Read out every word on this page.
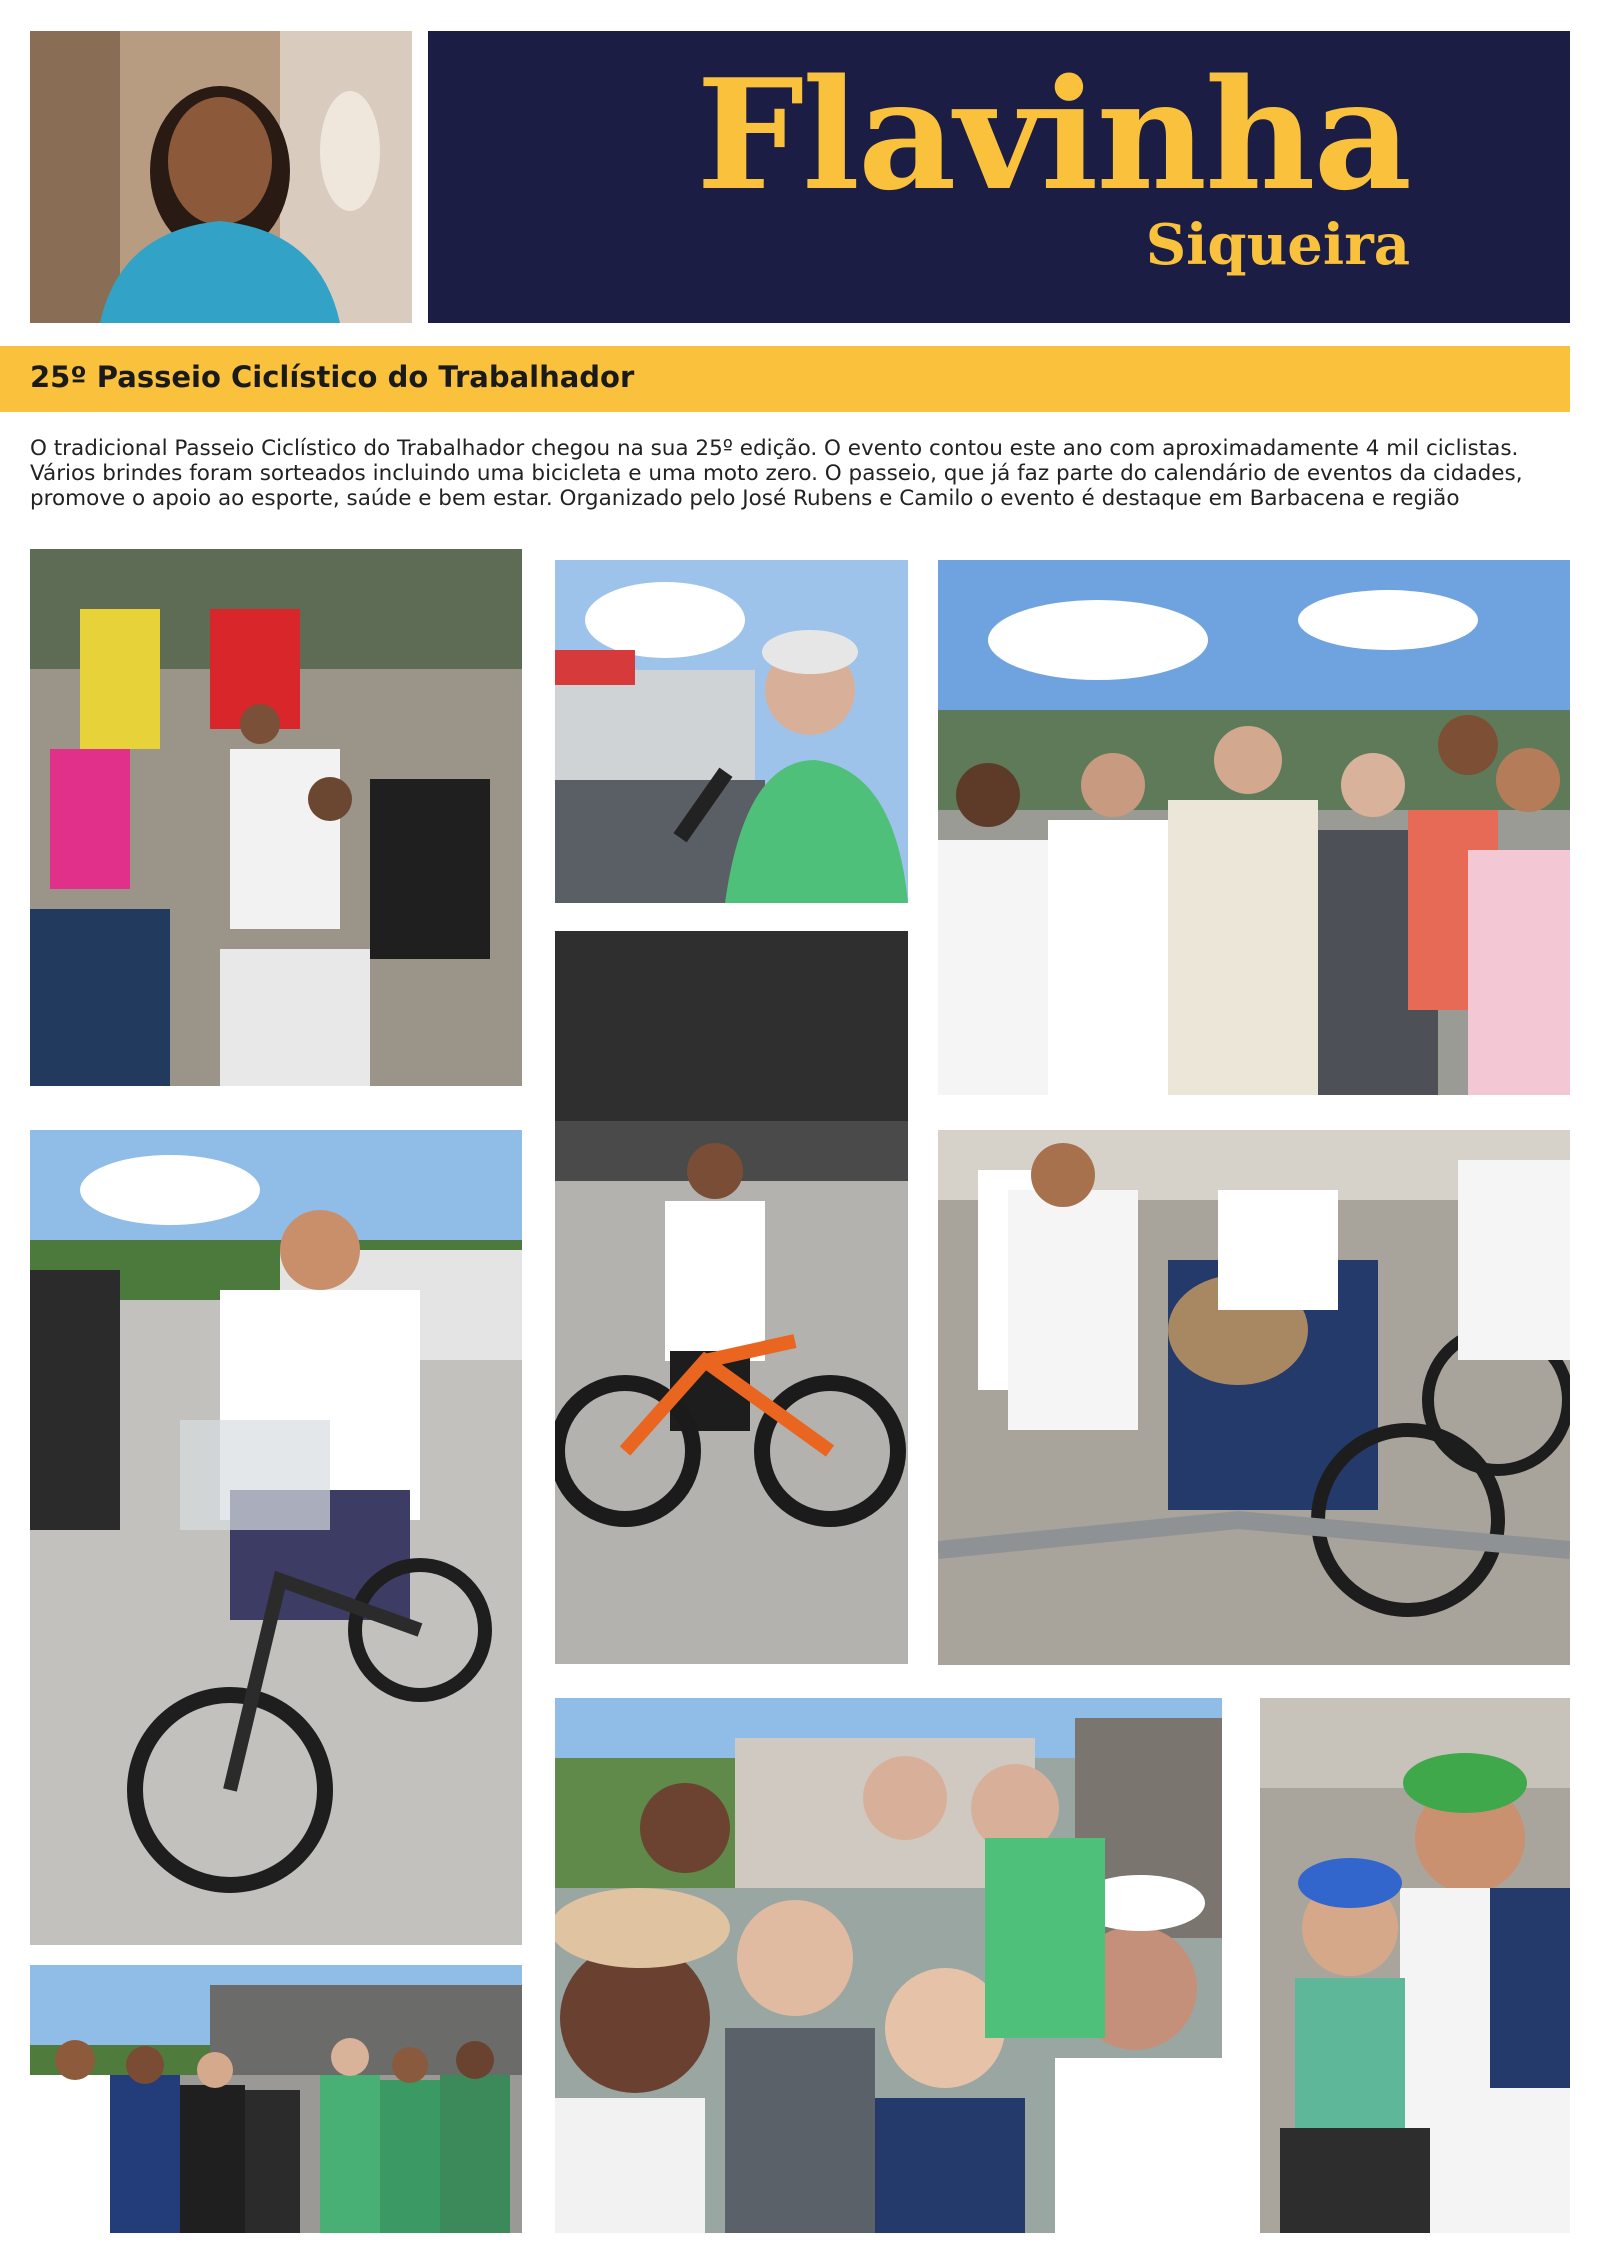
Flavinha
Siqueira
25º Passeio Ciclístico do Trabalhador
O tradicional Passeio Ciclístico do Trabalhador chegou na sua 25º edição. O evento contou este ano com aproximadamente 4 mil ciclistas. Vários brindes foram sorteados incluindo uma bicicleta e uma moto zero. O passeio, que já faz parte do calendário de eventos da cidades, promove o apoio ao esporte, saúde e bem estar. Organizado pelo José Rubens e Camilo o evento é destaque em Barbacena e região
